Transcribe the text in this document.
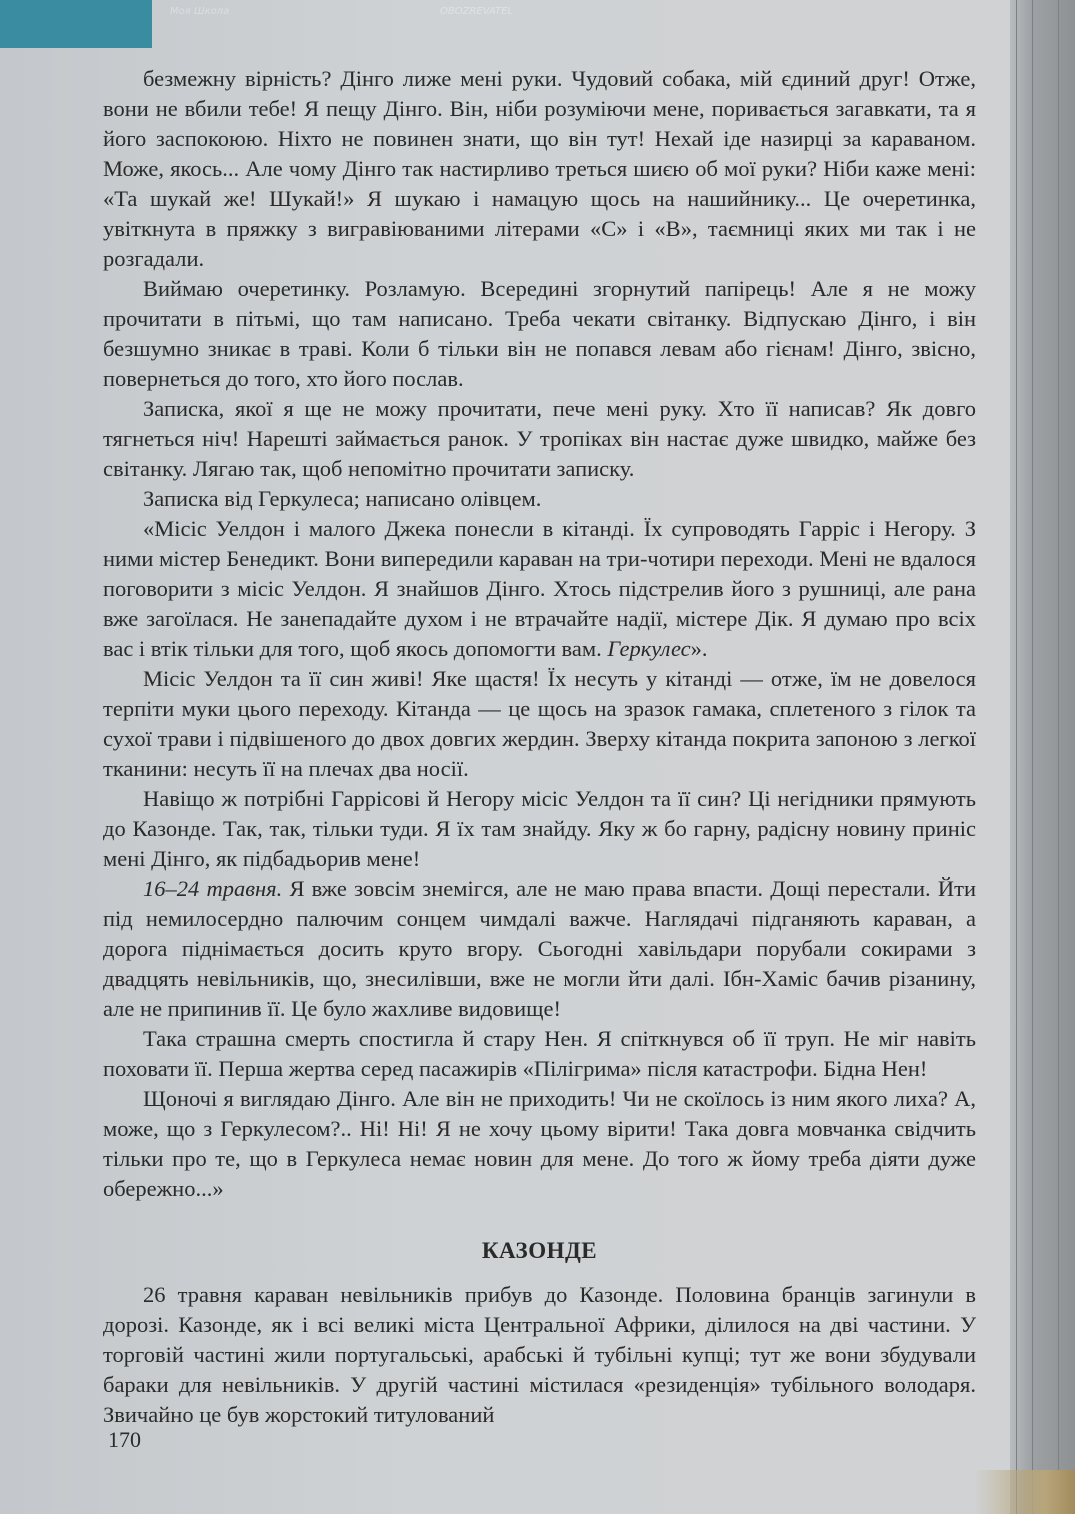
безмежну вірність? Дінго лиже мені руки. Чудовий собака, мій єдиний друг! Отже, вони не вбили тебе! Я пещу Дінго. Він, ніби розуміючи мене, поривається загавкати, та я його заспокоюю. Ніхто не повинен знати, що він тут! Нехай іде назирці за караваном. Може, якось... Але чому Дінго так настирливо треться шиєю об мої руки? Ніби каже мені: «Та шукай же! Шукай!» Я шукаю і намацую щось на нашийнику... Це очеретинка, увіткнута в пряжку з вигравіюваними літерами «С» і «В», таємниці яких ми так і не розгадали.

Виймаю очеретинку. Розламую. Всередині згорнутий папірець! Але я не можу прочитати в пітьмі, що там написано. Треба чекати світанку. Відпускаю Дінго, і він безшумно зникає в траві. Коли б тільки він не попався левам або гієнам! Дінго, звісно, повернеться до того, хто його послав.

Записка, якої я ще не можу прочитати, пече мені руку. Хто її написав? Як довго тягнеться ніч! Нарешті займається ранок. У тропіках він настає дуже швидко, майже без світанку. Лягаю так, щоб непомітно прочитати записку.

Записка від Геркулеса; написано олівцем.

«Місіс Уелдон і малого Джека понесли в кітанді. Їх супроводять Гарріс і Негору. З ними містер Бенедикт. Вони випередили караван на три-чотири переходи. Мені не вдалося поговорити з місіс Уелдон. Я знайшов Дінго. Хтось підстрелив його з рушниці, але рана вже загоїлася. Не занепадайте духом і не втрачайте надії, містере Дік. Я думаю про всіх вас і втік тільки для того, щоб якось допомогти вам. Геркулес».

Місіс Уелдон та її син живі! Яке щастя! Їх несуть у кітанді — отже, їм не довелося терпіти муки цього переходу. Кітанда — це щось на зразок гамака, сплетеного з гілок та сухої трави і підвішеного до двох довгих жердин. Зверху кітанда покрита запоною з легкої тканини: несуть її на плечах два носії.

Навіщо ж потрібні Гаррісові й Негору місіс Уелдон та її син? Ці негідники прямують до Казонде. Так, так, тільки туди. Я їх там знайду. Яку ж бо гарну, радісну новину приніс мені Дінго, як підбадьорив мене!

16–24 травня. Я вже зовсім знемігся, але не маю права впасти. Дощі перестали. Йти під немилосердно палючим сонцем чимдалі важче. Наглядачі підганяють караван, а дорога піднімається досить круто вгору. Сьогодні хавільдари порубали сокирами з двадцять невільників, що, знесилівши, вже не могли йти далі. Ібн-Хаміс бачив різанину, але не припинив її. Це було жахливе видовище!

Така страшна смерть спостигла й стару Нен. Я спіткнувся об її труп. Не міг навіть поховати її. Перша жертва серед пасажирів «Пілігрима» після катастрофи. Бідна Нен!

Щоночі я виглядаю Дінго. Але він не приходить! Чи не скоїлось із ним якого лиха? А, може, що з Геркулесом?.. Ні! Ні! Я не хочу цьому вірити! Така довга мовчанка свідчить тільки про те, що в Геркулеса немає новин для мене. До того ж йому треба діяти дуже обережно...»

КАЗОНДЕ

26 травня караван невільників прибув до Казонде. Половина бранців загинули в дорозі. Казонде, як і всі великі міста Центральної Африки, ділилося на дві частини. У торговій частині жили португальські, арабські й тубільні купці; тут же вони збудували бараки для невільників. У другій частині містилася «резиденція» тубільного володаря. Звичайно це був жорстокий титулований

170
Моя Школа	OBOZREVATEL
